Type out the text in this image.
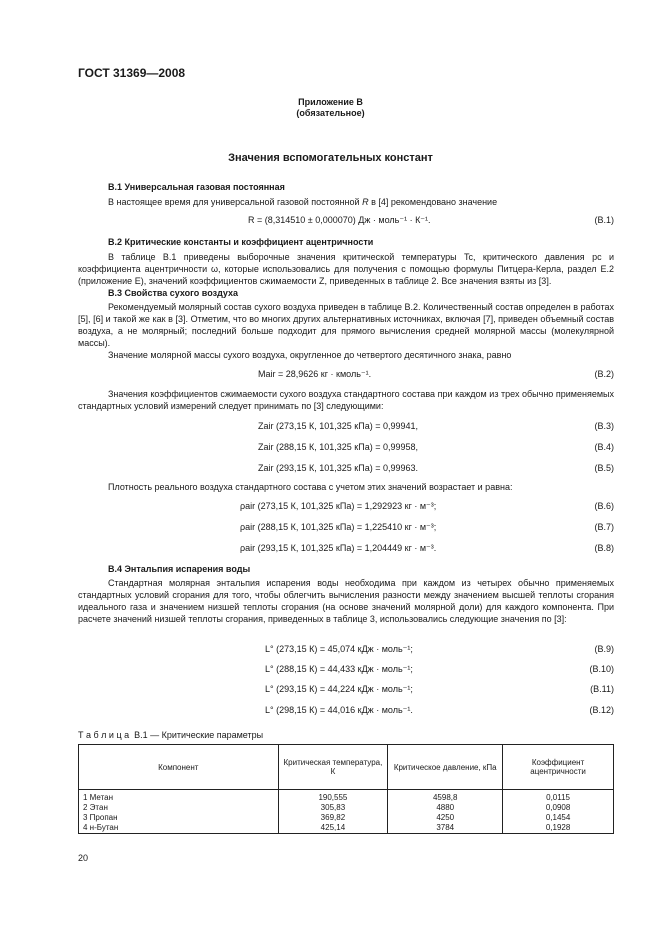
ГОСТ 31369—2008
Приложение В
(обязательное)
Значения вспомогательных констант
В.1 Универсальная газовая постоянная
В настоящее время для универсальной газовой постоянной R в [4] рекомендовано значение
R = (8,314510 ± 0,000070) Дж · моль⁻¹ · К⁻¹.	(В.1)
В.2 Критические константы и коэффициент ацентричности
В таблице В.1 приведены выборочные значения критической температуры Tc, критического давления pc и коэффициента ацентричности ω, которые использовались для получения с помощью формулы Питцера-Керла, раздел Е.2 (приложение Е), значений коэффициентов сжимаемости Z, приведенных в таблице 2. Все значения взяты из [3].
В.3 Свойства сухого воздуха
Рекомендуемый молярный состав сухого воздуха приведен в таблице В.2. Количественный состав определен в работах [5], [6] и такой же как в [3]. Отметим, что во многих других альтернативных источниках, включая [7], приведен объемный состав воздуха, а не молярный; последний больше подходит для прямого вычисления средней молярной массы (молекулярной массы).
Значение молярной массы сухого воздуха, округленное до четвертого десятичного знака, равно
Mair = 28,9626 кг · кмоль⁻¹.	(В.2)
Значения коэффициентов сжимаемости сухого воздуха стандартного состава при каждом из трех обычно применяемых стандартных условий измерений следует принимать по [3] следующими:
Zair (273,15 К, 101,325 кПа) = 0,99941,	(В.3)
Zair (288,15 К, 101,325 кПа) = 0,99958,	(В.4)
Zair (293,15 К, 101,325 кПа) = 0,99963.	(В.5)
Плотность реального воздуха стандартного состава с учетом этих значений возрастает и равна:
ρair (273,15 К, 101,325 кПа) = 1,292923 кг · м⁻³;	(В.6)
ρair (288,15 К, 101,325 кПа) = 1,225410 кг · м⁻³;	(В.7)
ρair (293,15 К, 101,325 кПа) = 1,204449 кг · м⁻³.	(В.8)
В.4 Энтальпия испарения воды
Стандартная молярная энтальпия испарения воды необходима при каждом из четырех обычно применяемых стандартных условий сгорания для того, чтобы облегчить вычисления разности между значением высшей теплоты сгорания идеального газа и значением низшей теплоты сгорания (на основе значений молярной доли) для каждого компонента. При расчете значений низшей теплоты сгорания, приведенных в таблице 3, использовались следующие значения по [3]:
L° (273,15 К) = 45,074 кДж · моль⁻¹;	(В.9)
L° (288,15 К) = 44,433 кДж · моль⁻¹;	(В.10)
L° (293,15 К) = 44,224 кДж · моль⁻¹;	(В.11)
L° (298,15 К) = 44,016 кДж · моль⁻¹.	(В.12)
Т а б л и ц а В.1 — Критические параметры
Компонент	Критическая температура, К	Критическое давление, кПа	Коэффициент ацентричности
1 Метан	190,555	4598,8	0,0115
2 Этан	305,83	4880	0,0908
3 Пропан	369,82	4250	0,1454
4 н-Бутан	425,14	3784	0,1928
20
